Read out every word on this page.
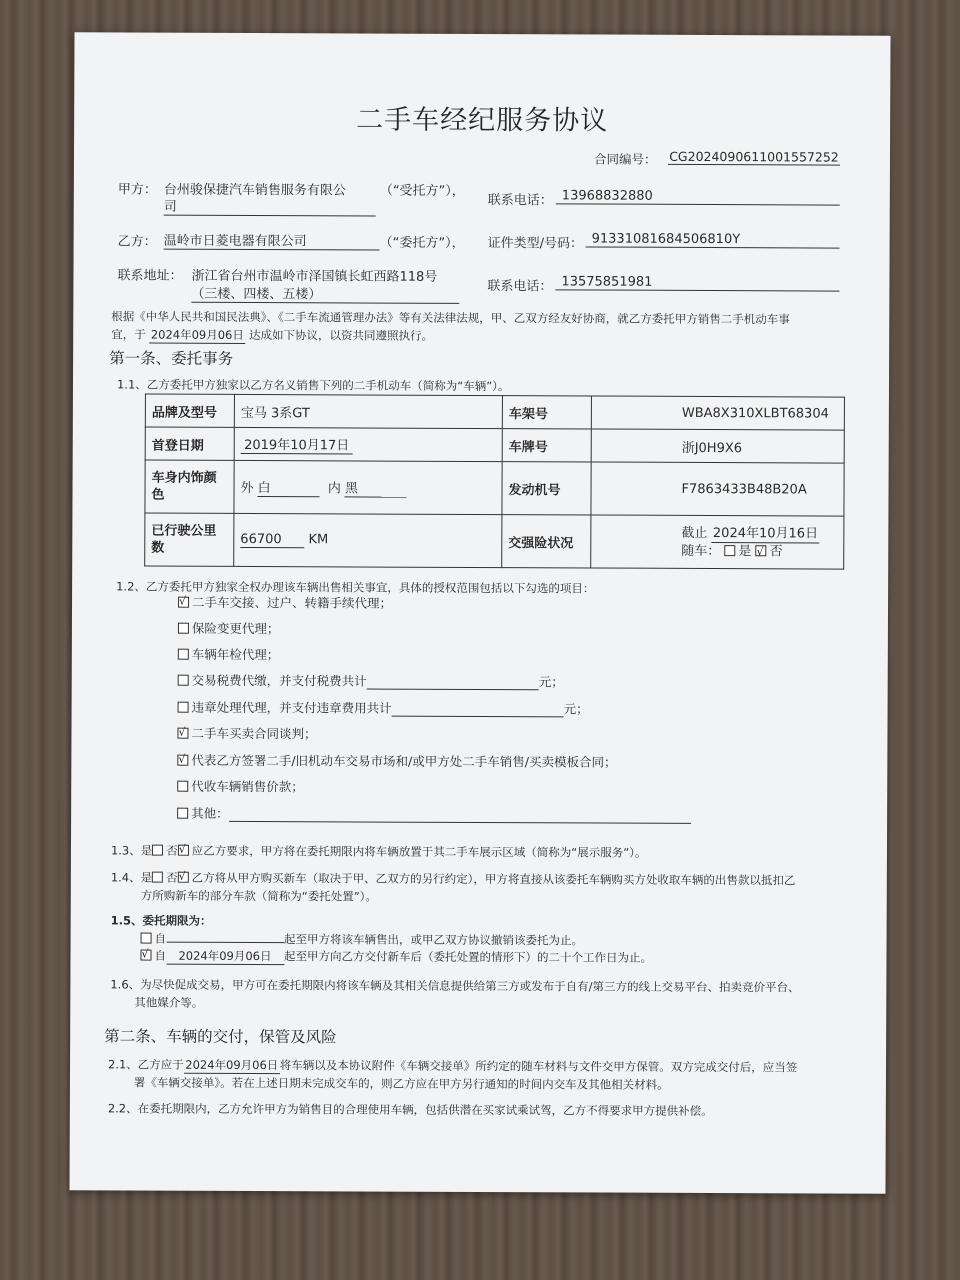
二手车经纪服务协议
合同编号： CG2024090611001557252
甲方： 台州骏保捷汽车销售服务有限公
司
（“受托方”），
联系电话： 13968832880
乙方： 温岭市日菱电器有限公司	（“委托方”）， 证件类型/号码： 91331081684506810Y
联系地址： 浙江省台州市温岭市泽国镇长虹西路118号
（三楼、四楼、五楼）
联系电话： 13575851981
根据《中华人民共和国民法典》、《二手车流通管理办法》等有关法律法规，甲、乙双方经友好协商，就乙方委托甲方销售二手机动车事
宜，于 2024年09月06日 达成如下协议，以资共同遵照执行。
第一条、委托事务
1.1、乙方委托甲方独家以乙方名义销售下列的二手机动车（简称为“车辆”）。
品牌及型号	宝马 3系GT	车架号	WBA8X310XLBT68304
首登日期	2019年10月17日	车牌号	浙J0H9X6
车身内饰颜
色	外 白 内 黑	发动机号	F7863433B48B20A
已行驶公里
数	66700 KM	交强险状况	截止 2024年10月16日
随车： 是 √ 否
1.2、乙方委托甲方独家全权办理该车辆出售相关事宜，具体的授权范围包括以下勾选的项目：
√二手车交接、过户、转籍手续代理；
保险变更代理；
车辆年检代理；
交易税费代缴，并支付税费共计	元；
违章处理代理，并支付违章费用共计	元；
√二手车买卖合同谈判；
√代表乙方签署二手/旧机动车交易市场和/或甲方处二手车销售/买卖模板合同；
代收车辆销售价款；
其他：
1.3、是 否 √ 应乙方要求，甲方将在委托期限内将车辆放置于其二手车展示区域（简称为“展示服务”）。
1.4、是 否 √ 乙方将从甲方购买新车（取决于甲、乙双方的另行约定），甲方将直接从该委托车辆购买方处收取车辆的出售款以抵扣乙
方所购新车的部分车款（简称为“委托处置”）。
1.5、委托期限为：
自	起至甲方将该车辆售出，或甲乙双方协议撤销该委托为止。
√自 2024年09月06日 起至甲方向乙方交付新车后（委托处置的情形下）的二十个工作日为止。
1.6、为尽快促成交易，甲方可在委托期限内将该车辆及其相关信息提供给第三方或发布于自有/第三方的线上交易平台、拍卖竞价平台、
其他媒介等。
第二条、车辆的交付，保管及风险
2.1、乙方应于2024年09月06日将车辆以及本协议附件《车辆交接单》所约定的随车材料与文件交甲方保管。双方完成交付后，应当签
署《车辆交接单》。若在上述日期未完成交车的，则乙方应在甲方另行通知的时间内交车及其他相关材料。
2.2、在委托期限内，乙方允许甲方为销售目的合理使用车辆，包括供潜在买家试乘试驾，乙方不得要求甲方提供补偿。
